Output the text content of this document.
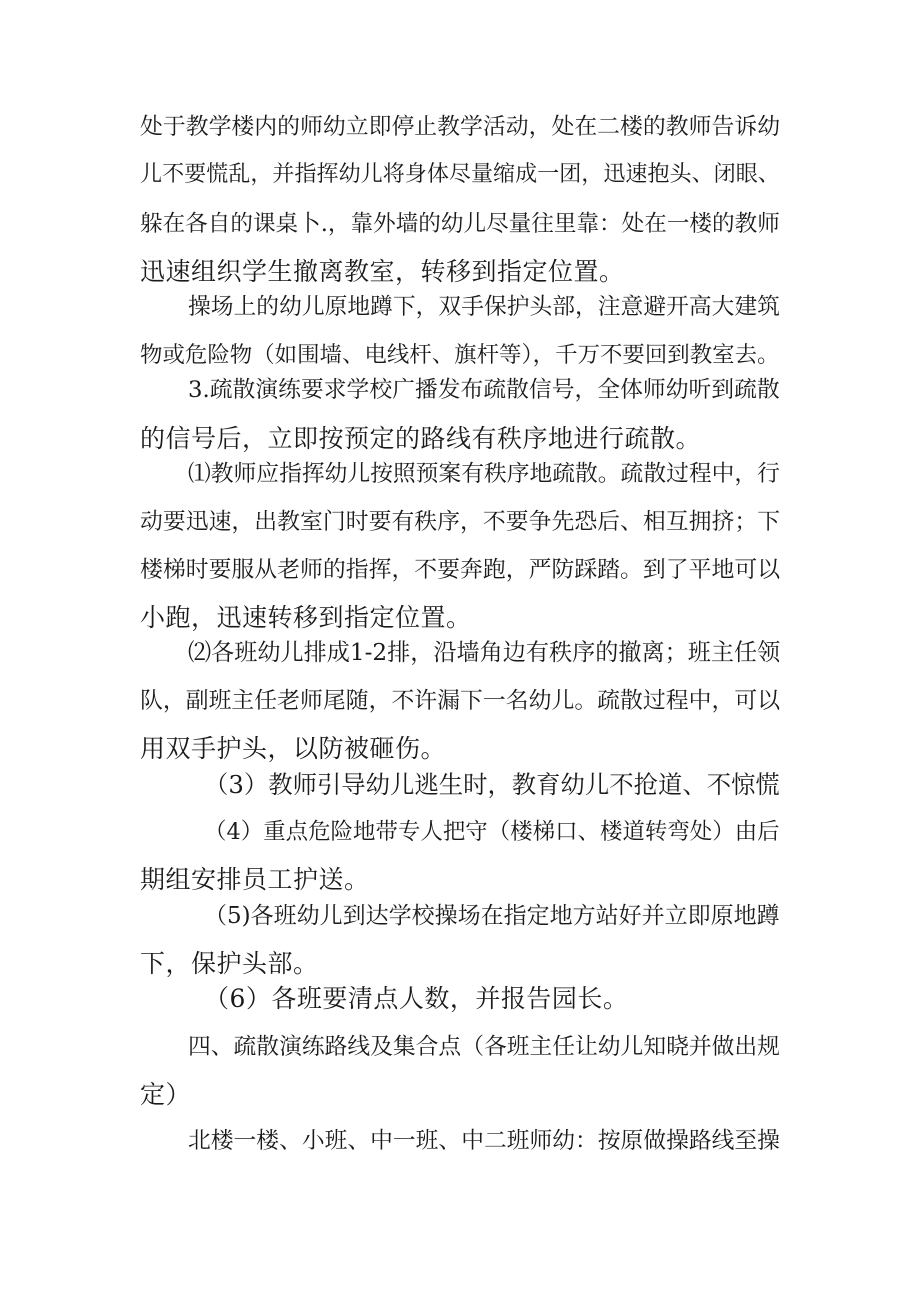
处于教学楼内的师幼立即停止教学活动，处在二楼的教师告诉幼
儿不要慌乱，并指挥幼儿将身体尽量缩成一团，迅速抱头、闭眼、
躲在各自的课桌卜.，靠外墙的幼儿尽量往里靠：处在一楼的教师
迅速组织学生撤离教室，转移到指定位置。
操场上的幼儿原地蹲下，双手保护头部，注意避开高大建筑
物或危险物（如围墙、电线杆、旗杆等），千万不要回到教室去。
3.疏散演练要求学校广播发布疏散信号，全体师幼听到疏散
的信号后，立即按预定的路线有秩序地进行疏散。
⑴教师应指挥幼儿按照预案有秩序地疏散。疏散过程中，行
动要迅速，出教室门时要有秩序，不要争先恐后、相互拥挤；下
楼梯时要服从老师的指挥，不要奔跑，严防踩踏。到了平地可以
小跑，迅速转移到指定位置。
⑵各班幼儿排成1-2排，沿墙角边有秩序的撤离；班主任领
队，副班主任老师尾随，不许漏下一名幼儿。疏散过程中，可以
用双手护头，以防被砸伤。
（3）教师引导幼儿逃生时，教育幼儿不抢道、不惊慌
（4）重点危险地带专人把守（楼梯口、楼道转弯处）由后
期组安排员工护送。
（5)各班幼儿到达学校操场在指定地方站好并立即原地蹲
下，保护头部。
（6）各班要清点人数，并报告园长。
四、疏散演练路线及集合点（各班主任让幼儿知晓并做出规
定）
北楼一楼、小班、中一班、中二班师幼：按原做操路线至操
